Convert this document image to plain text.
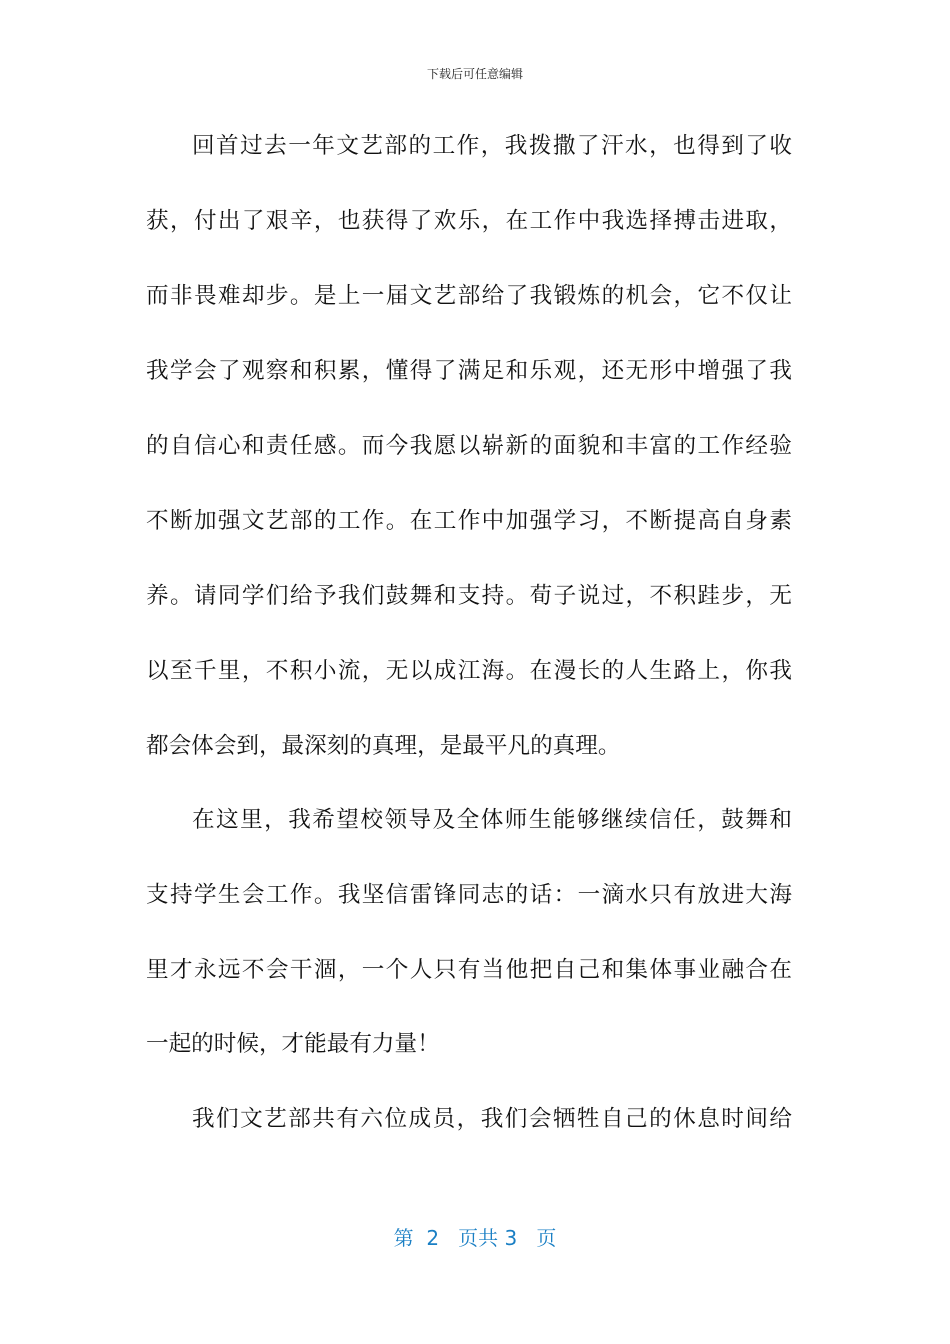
下载后可任意编辑
回首过去一年文艺部的工作，我拨撒了汗水，也得到了收
获，付出了艰辛，也获得了欢乐，在工作中我选择搏击进取，
而非畏难却步。是上一届文艺部给了我锻炼的机会，它不仅让
我学会了观察和积累，懂得了满足和乐观，还无形中增强了我
的自信心和责任感。而今我愿以崭新的面貌和丰富的工作经验
不断加强文艺部的工作。在工作中加强学习，不断提高自身素
养。请同学们给予我们鼓舞和支持。荀子说过，不积跬步，无
以至千里，不积小流，无以成江海。在漫长的人生路上，你我
都会体会到，最深刻的真理，是最平凡的真理。
在这里，我希望校领导及全体师生能够继续信任，鼓舞和
支持学生会工作。我坚信雷锋同志的话：一滴水只有放进大海
里才永远不会干涸，一个人只有当他把自己和集体事业融合在
一起的时候，才能最有力量！
我们文艺部共有六位成员，我们会牺牲自己的休息时间给
第 2 页共 3 页
